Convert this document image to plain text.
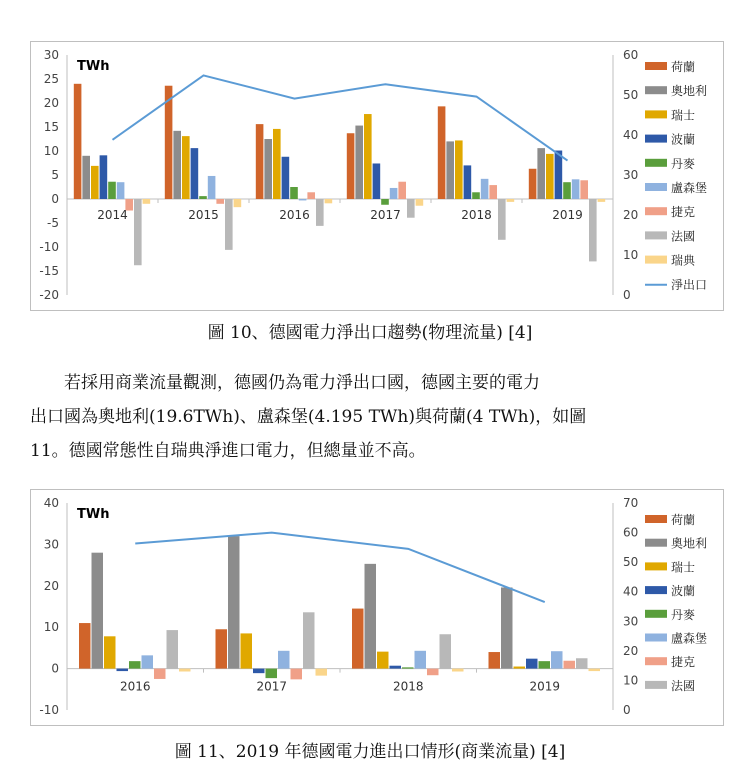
30
25
20
15
10
5
0
-5
-10
-15
-20
60
50
40
30
20
10
0
TWh
2014	2015	2016	2017	2018	2019
荷蘭
奧地利
瑞士
波蘭
丹麥
盧森堡
捷克
法國
瑞典
淨出口
圖 10、德國電力淨出口趨勢(物理流量) [4]

若採用商業流量觀測，德國仍為電力淨出口國，德國主要的電力

出口國為奧地利(19.6TWh)、盧森堡(4.195 TWh)與荷蘭(4 TWh)，如圖

11。德國常態性自瑞典淨進口電力，但總量並不高。

40
30
20
10
0
-10
70
60
50
40
30
20
10
0
TWh
2016	2017	2018	2019
荷蘭
奧地利
瑞士
波蘭
丹麥
盧森堡
捷克
法國
圖 11、2019 年德國電力進出口情形(商業流量) [4]
